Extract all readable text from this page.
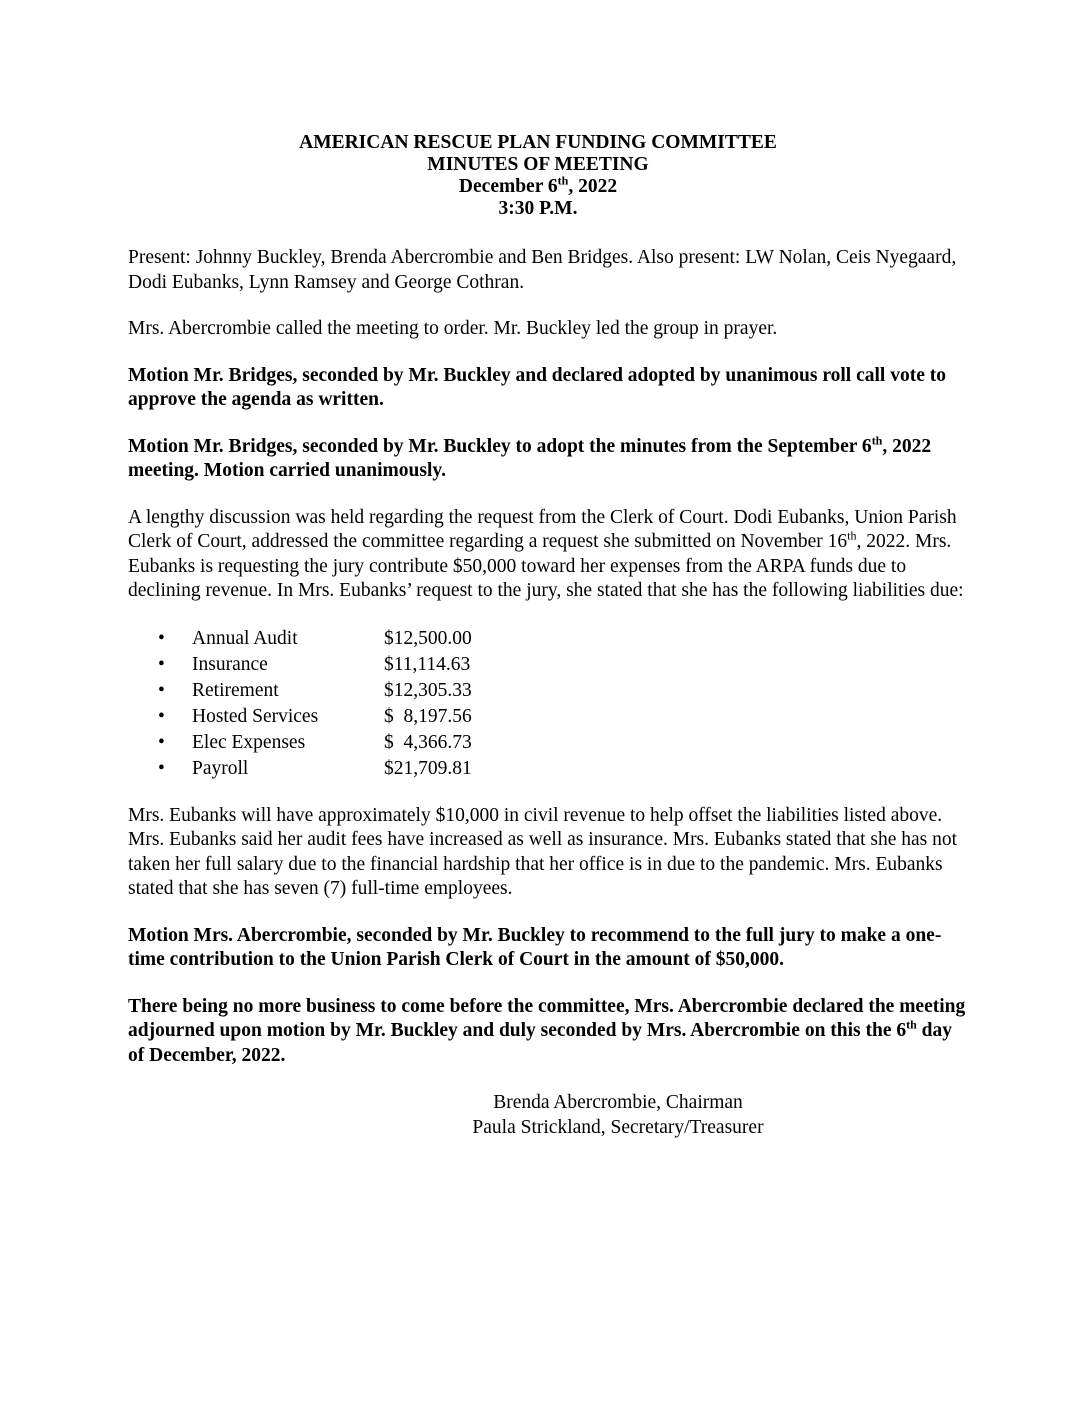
AMERICAN RESCUE PLAN FUNDING COMMITTEE
MINUTES OF MEETING
December 6th, 2022
3:30 P.M.

Present: Johnny Buckley, Brenda Abercrombie and Ben Bridges. Also present: LW Nolan, Ceis Nyegaard, Dodi Eubanks, Lynn Ramsey and George Cothran.

Mrs. Abercrombie called the meeting to order. Mr. Buckley led the group in prayer.

Motion Mr. Bridges, seconded by Mr. Buckley and declared adopted by unanimous roll call vote to approve the agenda as written.

Motion Mr. Bridges, seconded by Mr. Buckley to adopt the minutes from the September 6th, 2022 meeting. Motion carried unanimously.

A lengthy discussion was held regarding the request from the Clerk of Court. Dodi Eubanks, Union Parish Clerk of Court, addressed the committee regarding a request she submitted on November 16th, 2022. Mrs. Eubanks is requesting the jury contribute $50,000 toward her expenses from the ARPA funds due to declining revenue. In Mrs. Eubanks’ request to the jury, she stated that she has the following liabilities due:

•	Annual Audit	$12,500.00
•	Insurance	$11,114.63
•	Retirement	$12,305.33
•	Hosted Services	$  8,197.56
•	Elec Expenses	$  4,366.73
•	Payroll	$21,709.81

Mrs. Eubanks will have approximately $10,000 in civil revenue to help offset the liabilities listed above. Mrs. Eubanks said her audit fees have increased as well as insurance. Mrs. Eubanks stated that she has not taken her full salary due to the financial hardship that her office is in due to the pandemic. Mrs. Eubanks stated that she has seven (7) full-time employees.

Motion Mrs. Abercrombie, seconded by Mr. Buckley to recommend to the full jury to make a one-time contribution to the Union Parish Clerk of Court in the amount of $50,000.

There being no more business to come before the committee, Mrs. Abercrombie declared the meeting adjourned upon motion by Mr. Buckley and duly seconded by Mrs. Abercrombie on this the 6th day of December, 2022.

Brenda Abercrombie, Chairman
Paula Strickland, Secretary/Treasurer
